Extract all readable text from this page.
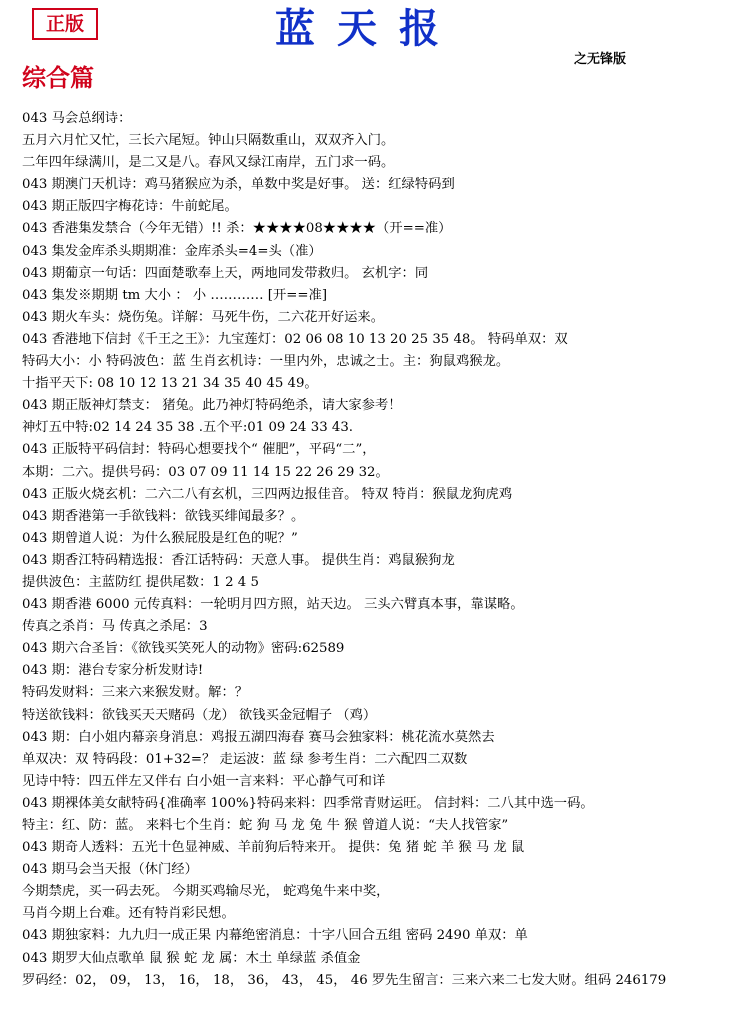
正版	蓝天报
之无锋版
综合篇
043 马会总纲诗：
五月六月忙又忙，三长六尾短。钟山只隔数重山，双双齐入门。
二年四年绿满川，是二又是八。春风又绿江南岸，五门求一码。
043 期澳门天机诗：鸡马猪猴应为杀，单数中奖是好事。 送：红绿特码到
043 期正版四字梅花诗：牛前蛇尾。
043 香港集发禁合（今年无错）!! 杀：★★★★08★★★★（开==准）
043 集发金库杀头期期准：金库杀头=4=头（准）
043 期葡京一句话：四面楚歌奉上天，两地同发带救归。 玄机字：同
043 集发※期期 tm 大小 ： 小 ………… [开==准]
043 期火车头：烧伤兔。详解：马死牛伤，二六花开好运来。
043 香港地下信封《千王之王》：九宝莲灯：02 06 08 10 13 20 25 35 48。 特码单双：双
特码大小：小 特码波色：蓝 生肖玄机诗：一里内外，忠诚之士。主：狗鼠鸡猴龙。
十指平天下: 08 10 12 13 21 34 35 40 45 49。
043 期正版神灯禁支： 猪兔。此乃神灯特码绝杀，请大家参考！
神灯五中特:02 14 24 35 38 .五个平:01 09 24 33 43.
043 正版特平码信封：特码心想要找个“ 催肥”，平码“二”，
本期：二六。提供号码：03 07 09 11 14 15 22 26 29 32。
043 正版火烧玄机：二六二八有玄机，三四两边报佳音。 特双 特肖：猴鼠龙狗虎鸡
043 期香港第一手欲钱料：欲钱买绯闻最多？。
043 期曾道人说：为什么猴屁股是红色的呢？”
043 期香江特码精选报：香江话特码：天意人事。 提供生肖：鸡鼠猴狗龙
提供波色：主蓝防红 提供尾数：1 2 4 5
043 期香港 6000 元传真料：一轮明月四方照，站天边。 三头六臂真本事，靠谋略。
传真之杀肖：马 传真之杀尾：3
043 期六合圣旨：《欲钱买笑死人的动物》密码:62589
043 期：港台专家分析发财诗!
特码发财料：三来六来猴发财。解：？
特送欲钱料：欲钱买天天赌码（龙） 欲钱买金冠帽子 （鸡）
043 期：白小姐内幕亲身消息：鸡报五湖四海春 赛马会独家料：桃花流水莫然去
单双决：双 特码段：01+32=？ 走运波：蓝 绿 参考生肖：二六配四二双数
见诗中特：四五伴左又伴右 白小姐一言来料：平心静气可和详
043 期裸体美女献特码{准确率 100%}特码来料：四季常青财运旺。 信封料：二八其中选一码。
特主：红、防：蓝。 来料七个生肖：蛇 狗 马 龙 兔 牛 猴 曾道人说：“夫人找管家”
043 期奇人透料：五光十色显神威、羊前狗后特来开。 提供：兔 猪 蛇 羊 猴 马 龙 鼠
043 期马会当天报（休门经）
今期禁虎，买一码去死。 今期买鸡输尽光， 蛇鸡兔牛来中奖，
马肖今期上台难。还有特肖彩民想。
043 期独家料：九九归一成正果 内幕绝密消息：十字八回合五组 密码 2490 单双：单
043 期罗大仙点歌单 鼠 猴 蛇 龙 属：木土 单绿蓝 杀值金
罗码经：02， 09， 13， 16， 18， 36， 43， 45， 46 罗先生留言：三来六来二七发大财。组码 246179
